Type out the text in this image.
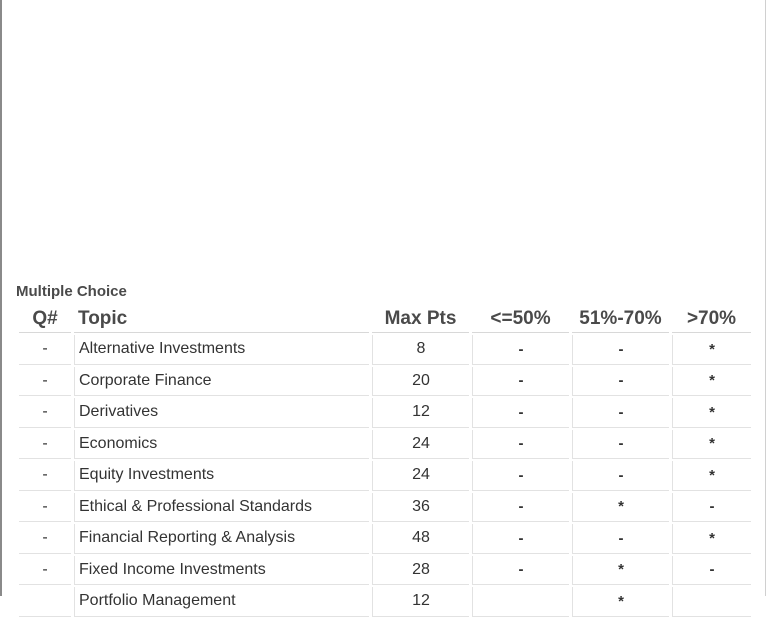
Multiple Choice
Q#	Topic	Max Pts	<=50%	51%-70%	>70%
-	Alternative Investments	8	-	-	*
-	Corporate Finance	20	-	-	*
-	Derivatives	12	-	-	*
-	Economics	24	-	-	*
-	Equity Investments	24	-	-	*
-	Ethical & Professional Standards	36	-	*	-
-	Financial Reporting & Analysis	48	-	-	*
-	Fixed Income Investments	28	-	*	-
	Portfolio Management	12		*	
